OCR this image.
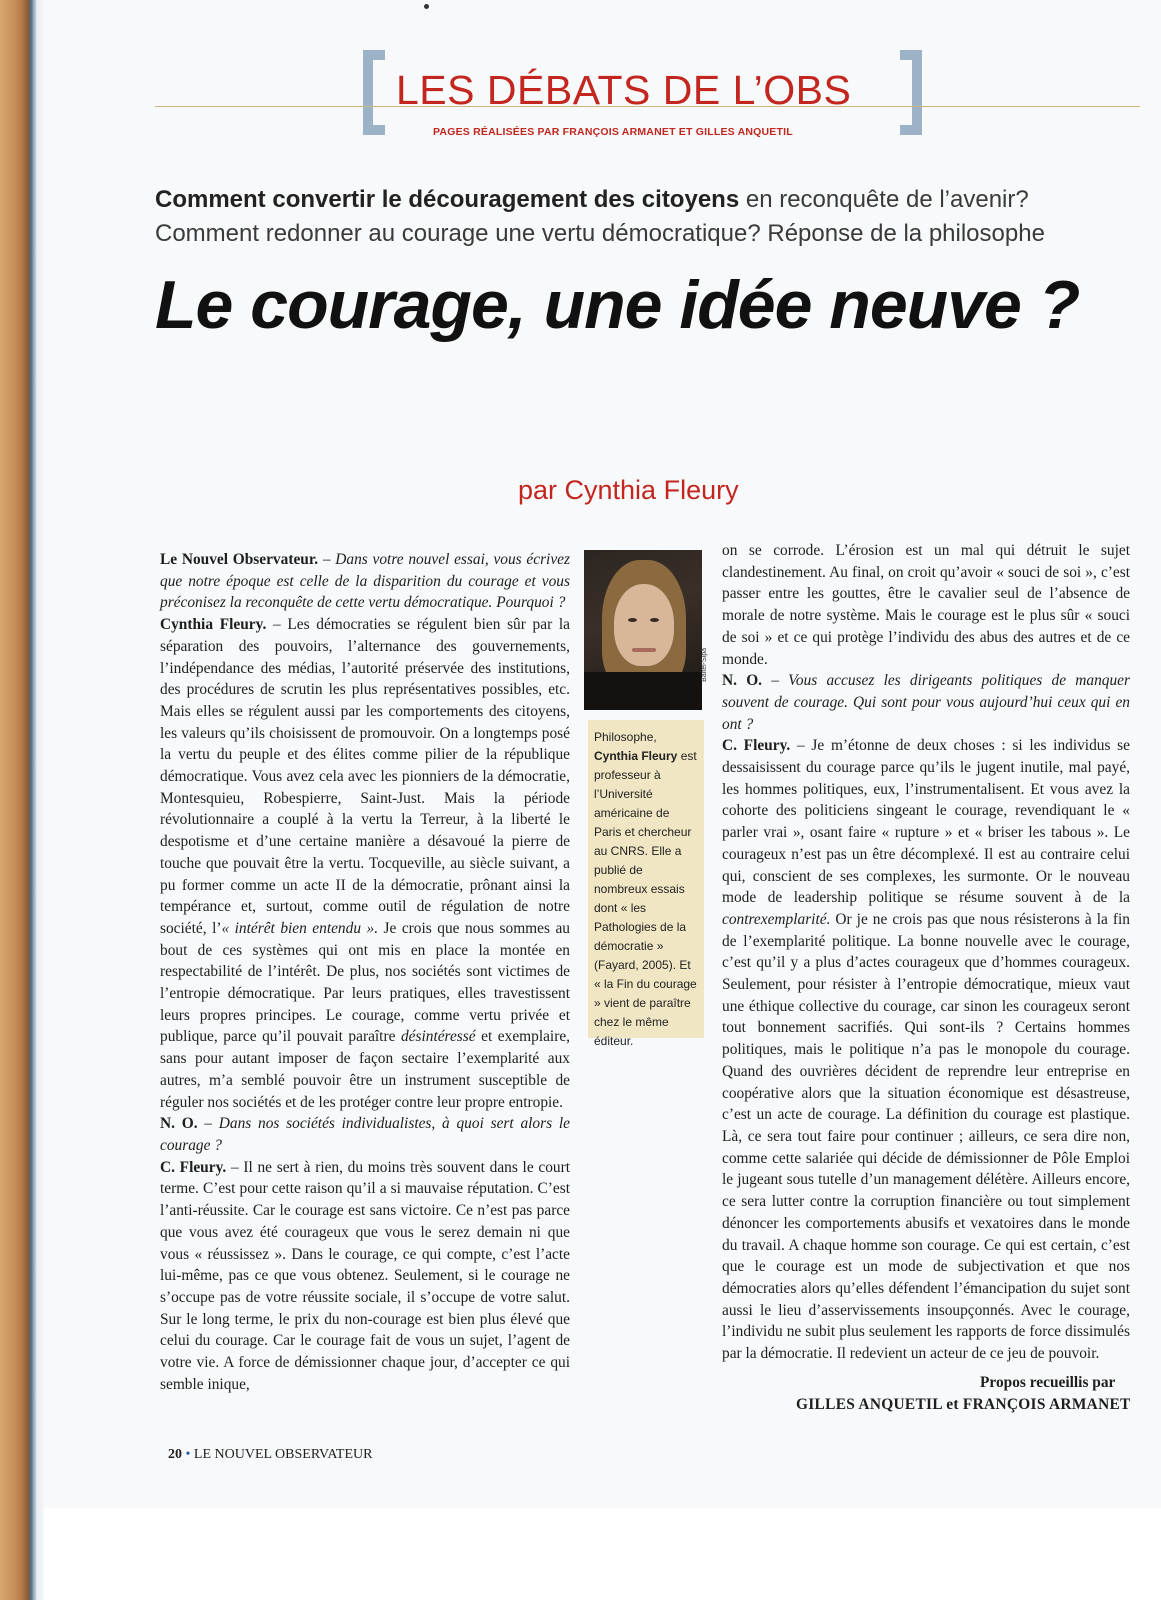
LES DÉBATS DE L’OBS
PAGES RÉALISÉES PAR FRANÇOIS ARMANET ET GILLES ANQUETIL
Comment convertir le découragement des citoyens en reconquête de l’avenir?
Comment redonner au courage une vertu démocratique? Réponse de la philosophe
Le courage, une idée neuve ?
par Cynthia Fleury

Le Nouvel Observateur. – Dans votre nouvel essai, vous écrivez que notre époque est celle de la disparition du courage et vous préconisez la reconquête de cette vertu démocratique. Pourquoi ?

Cynthia Fleury. – Les démocraties se régulent bien sûr par la séparation des pouvoirs, l’alternance des gouvernements, l’indépendance des médias, l’autorité préservée des institutions, des procédures de scrutin les plus représentatives possibles, etc. Mais elles se régulent aussi par les comportements des citoyens, les valeurs qu’ils choisissent de promouvoir. On a longtemps posé la vertu du peuple et des élites comme pilier de la république démocratique. Vous avez cela avec les pionniers de la démocratie, Montesquieu, Robespierre, Saint-Just. Mais la période révolutionnaire a couplé à la vertu la Terreur, à la liberté le despotisme et d’une certaine manière a désavoué la pierre de touche que pouvait être la vertu. Tocqueville, au siècle suivant, a pu former comme un acte II de la démocratie, prônant ainsi la tempérance et, surtout, comme outil de régulation de notre société, l’« intérêt bien entendu ». Je crois que nous sommes au bout de ces systèmes qui ont mis en place la montée en respectabilité de l’intérêt. De plus, nos sociétés sont victimes de l’entropie démocratique. Par leurs pratiques, elles travestissent leurs propres principes. Le courage, comme vertu privée et publique, parce qu’il pouvait paraître désintéressé et exemplaire, sans pour autant imposer de façon sectaire l’exemplarité aux autres, m’a semblé pouvoir être un instrument susceptible de réguler nos sociétés et de les protéger contre leur propre entropie.

N. O. – Dans nos sociétés individualistes, à quoi sert alors le courage ?

C. Fleury. – Il ne sert à rien, du moins très souvent dans le court terme. C’est pour cette raison qu’il a si mauvaise réputation. C’est l’anti-réussite. Car le courage est sans victoire. Ce n’est pas parce que vous avez été courageux que vous le serez demain ni que vous « réussissez ». Dans le courage, ce qui compte, c’est l’acte lui-même, pas ce que vous obtenez. Seulement, si le courage ne s’occupe pas de votre réussite sociale, il s’occupe de votre salut. Sur le long terme, le prix du non-courage est bien plus élevé que celui du courage. Car le courage fait de vous un sujet, l’agent de votre vie. A force de démissionner chaque jour, d’accepter ce qui semble inique,

Baltel-Sipa
Philosophe,
Cynthia Fleury est professeur à l’Université américaine de Paris et chercheur au CNRS. Elle a publié de nombreux essais dont « les Pathologies de la démocratie » (Fayard, 2005). Et « la Fin du courage » vient de paraître chez le même éditeur.

on se corrode. L’érosion est un mal qui détruit le sujet clandestinement. Au final, on croit qu’avoir « souci de soi », c’est passer entre les gouttes, être le cavalier seul de l’absence de morale de notre système. Mais le courage est le plus sûr « souci de soi » et ce qui protège l’individu des abus des autres et de ce monde.

N. O. – Vous accusez les dirigeants politiques de manquer souvent de courage. Qui sont pour vous aujourd’hui ceux qui en ont ?

C. Fleury. – Je m’étonne de deux choses : si les individus se dessaisissent du courage parce qu’ils le jugent inutile, mal payé, les hommes politiques, eux, l’instrumentalisent. Et vous avez la cohorte des politiciens singeant le courage, revendiquant le « parler vrai », osant faire « rupture » et « briser les tabous ». Le courageux n’est pas un être décomplexé. Il est au contraire celui qui, conscient de ses complexes, les surmonte. Or le nouveau mode de leadership politique se résume souvent à de la contrexemplarité. Or je ne crois pas que nous résisterons à la fin de l’exemplarité politique. La bonne nouvelle avec le courage, c’est qu’il y a plus d’actes courageux que d’hommes courageux. Seulement, pour résister à l’entropie démocratique, mieux vaut une éthique collective du courage, car sinon les courageux seront tout bonnement sacrifiés. Qui sont-ils ? Certains hommes politiques, mais le politique n’a pas le monopole du courage. Quand des ouvrières décident de reprendre leur entreprise en coopérative alors que la situation économique est désastreuse, c’est un acte de courage. La définition du courage est plastique. Là, ce sera tout faire pour continuer ; ailleurs, ce sera dire non, comme cette salariée qui décide de démissionner de Pôle Emploi le jugeant sous tutelle d’un management délétère. Ailleurs encore, ce sera lutter contre la corruption financière ou tout simplement dénoncer les comportements abusifs et vexatoires dans le monde du travail. A chaque homme son courage. Ce qui est certain, c’est que le courage est un mode de subjectivation et que nos démocraties alors qu’elles défendent l’émancipation du sujet sont aussi le lieu d’asservissements insoupçonnés. Avec le courage, l’individu ne subit plus seulement les rapports de force dissimulés par la démocratie. Il redevient un acteur de ce jeu de pouvoir.

Propos recueillis par
GILLES ANQUETIL et FRANÇOIS ARMANET
20 • LE NOUVEL OBSERVATEUR
